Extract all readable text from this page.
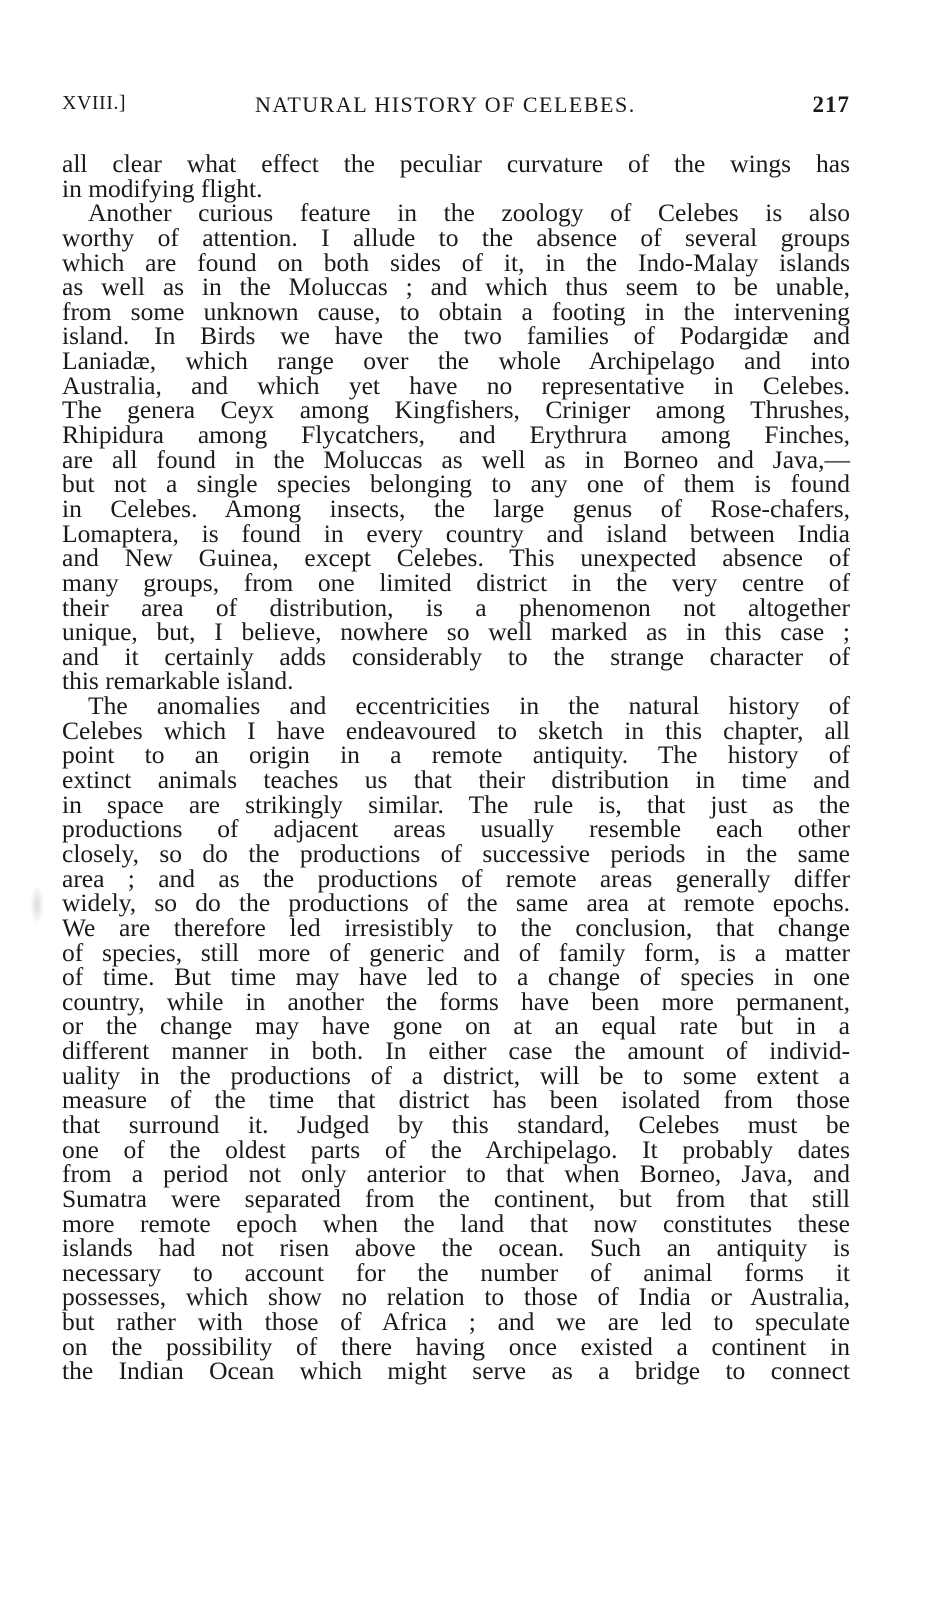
XVIII.]	NATURAL HISTORY OF CELEBES.	217
all clear what effect the peculiar curvature of the wings has
in modifying flight.
Another curious feature in the zoology of Celebes is also
worthy of attention. I allude to the absence of several groups
which are found on both sides of it, in the Indo-Malay islands
as well as in the Moluccas ; and which thus seem to be unable,
from some unknown cause, to obtain a footing in the intervening
island. In Birds we have the two families of Podargidæ and
Laniadæ, which range over the whole Archipelago and into
Australia, and which yet have no representative in Celebes.
The genera Ceyx among Kingfishers, Criniger among Thrushes,
Rhipidura among Flycatchers, and Erythrura among Finches,
are all found in the Moluccas as well as in Borneo and Java,—
but not a single species belonging to any one of them is found
in Celebes. Among insects, the large genus of Rose-chafers,
Lomaptera, is found in every country and island between India
and New Guinea, except Celebes. This unexpected absence of
many groups, from one limited district in the very centre of
their area of distribution, is a phenomenon not altogether
unique, but, I believe, nowhere so well marked as in this case ;
and it certainly adds considerably to the strange character of
this remarkable island.
The anomalies and eccentricities in the natural history of
Celebes which I have endeavoured to sketch in this chapter, all
point to an origin in a remote antiquity. The history of
extinct animals teaches us that their distribution in time and
in space are strikingly similar. The rule is, that just as the
productions of adjacent areas usually resemble each other
closely, so do the productions of successive periods in the same
area ; and as the productions of remote areas generally differ
widely, so do the productions of the same area at remote epochs.
We are therefore led irresistibly to the conclusion, that change
of species, still more of generic and of family form, is a matter
of time. But time may have led to a change of species in one
country, while in another the forms have been more permanent,
or the change may have gone on at an equal rate but in a
different manner in both. In either case the amount of individ-
uality in the productions of a district, will be to some extent a
measure of the time that district has been isolated from those
that surround it. Judged by this standard, Celebes must be
one of the oldest parts of the Archipelago. It probably dates
from a period not only anterior to that when Borneo, Java, and
Sumatra were separated from the continent, but from that still
more remote epoch when the land that now constitutes these
islands had not risen above the ocean. Such an antiquity is
necessary to account for the number of animal forms it
possesses, which show no relation to those of India or Australia,
but rather with those of Africa ; and we are led to speculate
on the possibility of there having once existed a continent in
the Indian Ocean which might serve as a bridge to connect
